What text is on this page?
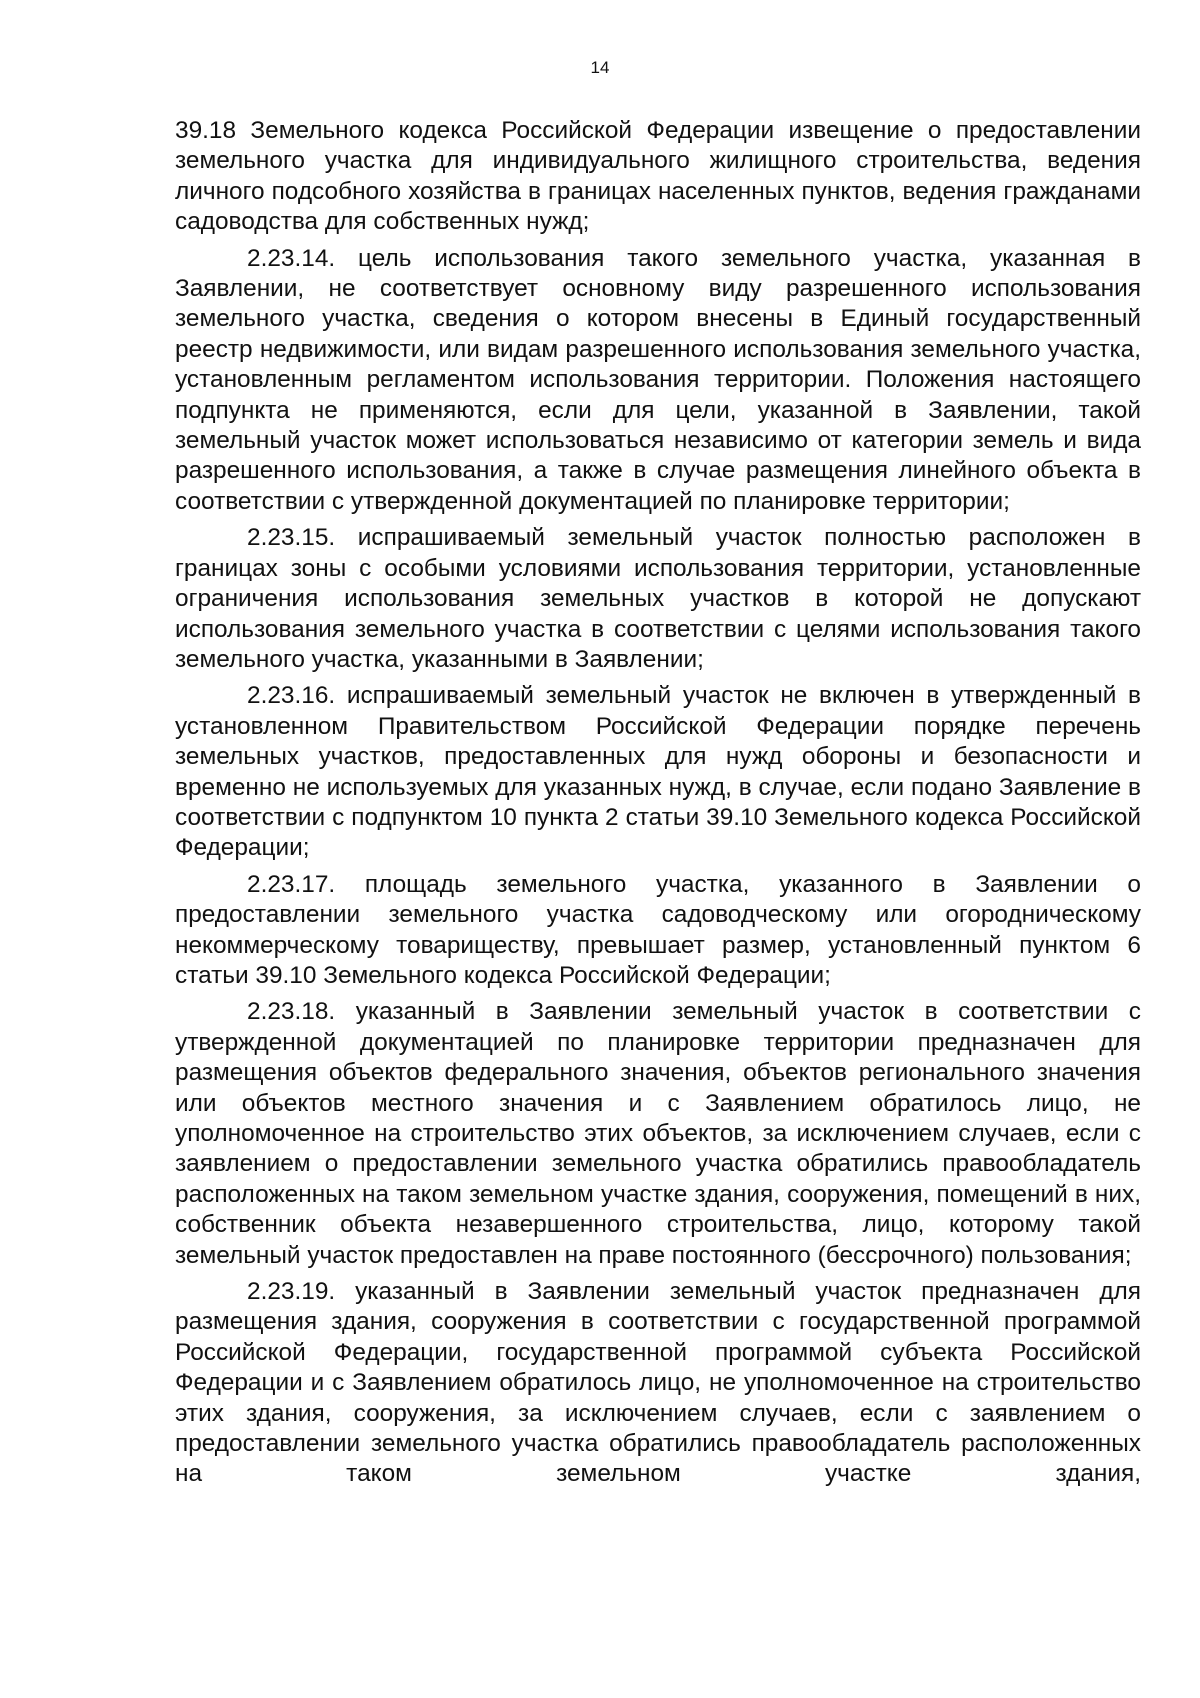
14

39.18 Земельного кодекса Российской Федерации извещение о предоставлении земельного участка для индивидуального жилищного строительства, ведения личного подсобного хозяйства в границах населенных пунктов, ведения гражданами садоводства для собственных нужд;

2.23.14. цель использования такого земельного участка, указанная в Заявлении, не соответствует основному виду разрешенного использования земельного участка, сведения о котором внесены в Единый государственный реестр недвижимости, или видам разрешенного использования земельного участка, установленным регламентом использования территории. Положения настоящего подпункта не применяются, если для цели, указанной в Заявлении, такой земельный участок может использоваться независимо от категории земель и вида разрешенного использования, а также в случае размещения линейного объекта в соответствии с утвержденной документацией по планировке территории;

2.23.15. испрашиваемый земельный участок полностью расположен в границах зоны с особыми условиями использования территории, установленные ограничения использования земельных участков в которой не допускают использования земельного участка в соответствии с целями использования такого земельного участка, указанными в Заявлении;

2.23.16. испрашиваемый земельный участок не включен в утвержденный в установленном Правительством Российской Федерации порядке перечень земельных участков, предоставленных для нужд обороны и безопасности и временно не используемых для указанных нужд, в случае, если подано Заявление в соответствии с подпунктом 10 пункта 2 статьи 39.10 Земельного кодекса Российской Федерации;

2.23.17. площадь земельного участка, указанного в Заявлении о предоставлении земельного участка садоводческому или огородническому некоммерческому товариществу, превышает размер, установленный пунктом 6 статьи 39.10 Земельного кодекса Российской Федерации;

2.23.18. указанный в Заявлении земельный участок в соответствии с утвержденной документацией по планировке территории предназначен для размещения объектов федерального значения, объектов регионального значения или объектов местного значения и с Заявлением обратилось лицо, не уполномоченное на строительство этих объектов, за исключением случаев, если с заявлением о предоставлении земельного участка обратились правообладатель расположенных на таком земельном участке здания, сооружения, помещений в них, собственник объекта незавершенного строительства, лицо, которому такой земельный участок предоставлен на праве постоянного (бессрочного) пользования;

2.23.19. указанный в Заявлении земельный участок предназначен для размещения здания, сооружения в соответствии с государственной программой Российской Федерации, государственной программой субъекта Российской Федерации и с Заявлением обратилось лицо, не уполномоченное на строительство этих здания, сооружения, за исключением случаев, если с заявлением о предоставлении земельного участка обратились правообладатель расположенных на таком земельном участке здания,
